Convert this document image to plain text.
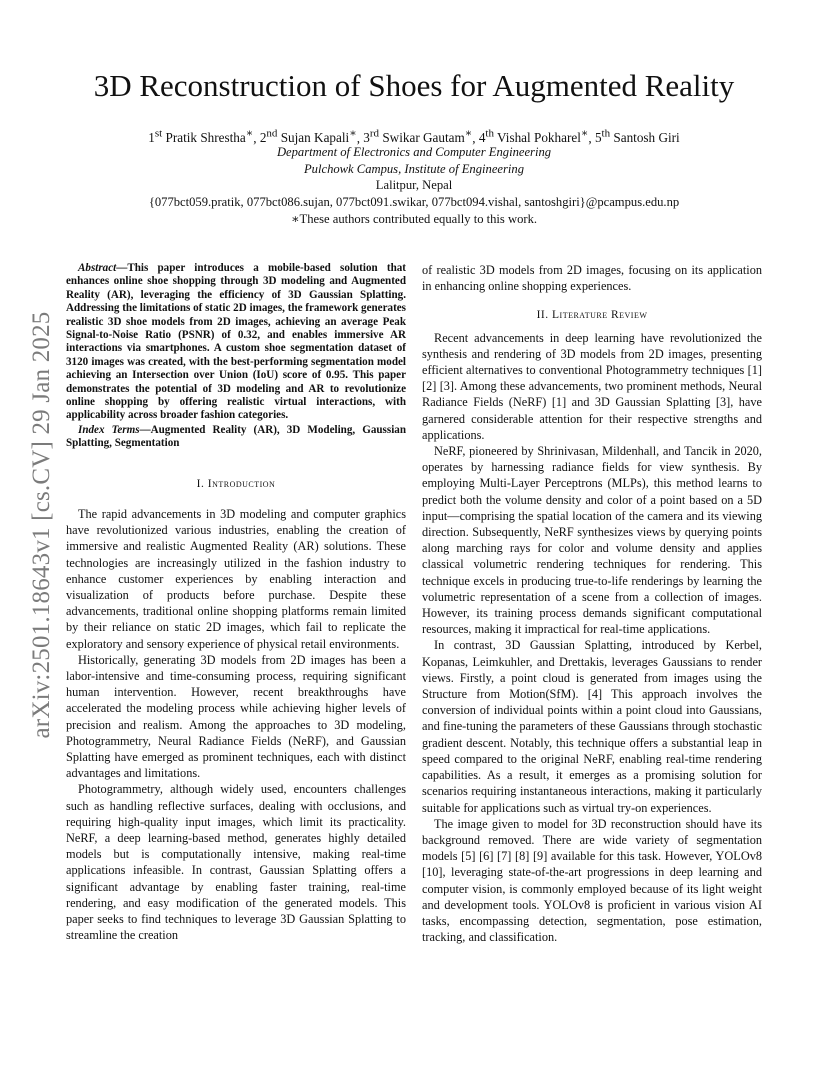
arXiv:2501.18643v1 [cs.CV] 29 Jan 2025
3D Reconstruction of Shoes for Augmented Reality
1st Pratik Shrestha∗, 2nd Sujan Kapali∗, 3rd Swikar Gautam∗, 4th Vishal Pokharel∗, 5th Santosh Giri

Department of Electronics and Computer Engineering

Pulchowk Campus, Institute of Engineering

Lalitpur, Nepal

{077bct059.pratik, 077bct086.sujan, 077bct091.swikar, 077bct094.vishal, santoshgiri}@pcampus.edu.np

∗These authors contributed equally to this work.

Abstract—This paper introduces a mobile-based solution that enhances online shoe shopping through 3D modeling and Augmented Reality (AR), leveraging the efficiency of 3D Gaussian Splatting. Addressing the limitations of static 2D images, the framework generates realistic 3D shoe models from 2D images, achieving an average Peak Signal-to-Noise Ratio (PSNR) of 0.32, and enables immersive AR interactions via smartphones. A custom shoe segmentation dataset of 3120 images was created, with the best-performing segmentation model achieving an Intersection over Union (IoU) score of 0.95. This paper demonstrates the potential of 3D modeling and AR to revolutionize online shopping by offering realistic virtual interactions, with applicability across broader fashion categories.

Index Terms—Augmented Reality (AR), 3D Modeling, Gaussian Splatting, Segmentation

I. Introduction

The rapid advancements in 3D modeling and computer graphics have revolutionized various industries, enabling the creation of immersive and realistic Augmented Reality (AR) solutions. These technologies are increasingly utilized in the fashion industry to enhance customer experiences by enabling interaction and visualization of products before purchase. Despite these advancements, traditional online shopping platforms remain limited by their reliance on static 2D images, which fail to replicate the exploratory and sensory experience of physical retail environments.

Historically, generating 3D models from 2D images has been a labor-intensive and time-consuming process, requiring significant human intervention. However, recent breakthroughs have accelerated the modeling process while achieving higher levels of precision and realism. Among the approaches to 3D modeling, Photogrammetry, Neural Radiance Fields (NeRF), and Gaussian Splatting have emerged as prominent techniques, each with distinct advantages and limitations.

Photogrammetry, although widely used, encounters challenges such as handling reflective surfaces, dealing with occlusions, and requiring high-quality input images, which limit its practicality. NeRF, a deep learning-based method, generates highly detailed models but is computationally intensive, making real-time applications infeasible. In contrast, Gaussian Splatting offers a significant advantage by enabling faster training, real-time rendering, and easy modification of the generated models. This paper seeks to find techniques to leverage 3D Gaussian Splatting to streamline the creation

of realistic 3D models from 2D images, focusing on its application in enhancing online shopping experiences.

II. Literature Review

Recent advancements in deep learning have revolutionized the synthesis and rendering of 3D models from 2D images, presenting efficient alternatives to conventional Photogrammetry techniques [1] [2] [3]. Among these advancements, two prominent methods, Neural Radiance Fields (NeRF) [1] and 3D Gaussian Splatting [3], have garnered considerable attention for their respective strengths and applications.

NeRF, pioneered by Shrinivasan, Mildenhall, and Tancik in 2020, operates by harnessing radiance fields for view synthesis. By employing Multi-Layer Perceptrons (MLPs), this method learns to predict both the volume density and color of a point based on a 5D input—comprising the spatial location of the camera and its viewing direction. Subsequently, NeRF synthesizes views by querying points along marching rays for color and volume density and applies classical volumetric rendering techniques for rendering. This technique excels in producing true-to-life renderings by learning the volumetric representation of a scene from a collection of images. However, its training process demands significant computational resources, making it impractical for real-time applications.

In contrast, 3D Gaussian Splatting, introduced by Kerbel, Kopanas, Leimkuhler, and Drettakis, leverages Gaussians to render views. Firstly, a point cloud is generated from images using the Structure from Motion(SfM). [4] This approach involves the conversion of individual points within a point cloud into Gaussians, and fine-tuning the parameters of these Gaussians through stochastic gradient descent. Notably, this technique offers a substantial leap in speed compared to the original NeRF, enabling real-time rendering capabilities. As a result, it emerges as a promising solution for scenarios requiring instantaneous interactions, making it particularly suitable for applications such as virtual try-on experiences.

The image given to model for 3D reconstruction should have its background removed. There are wide variety of segmentation models [5] [6] [7] [8] [9] available for this task. However, YOLOv8 [10], leveraging state-of-the-art progressions in deep learning and computer vision, is commonly employed because of its light weight and development tools. YOLOv8 is proficient in various vision AI tasks, encompassing detection, segmentation, pose estimation, tracking, and classification.
